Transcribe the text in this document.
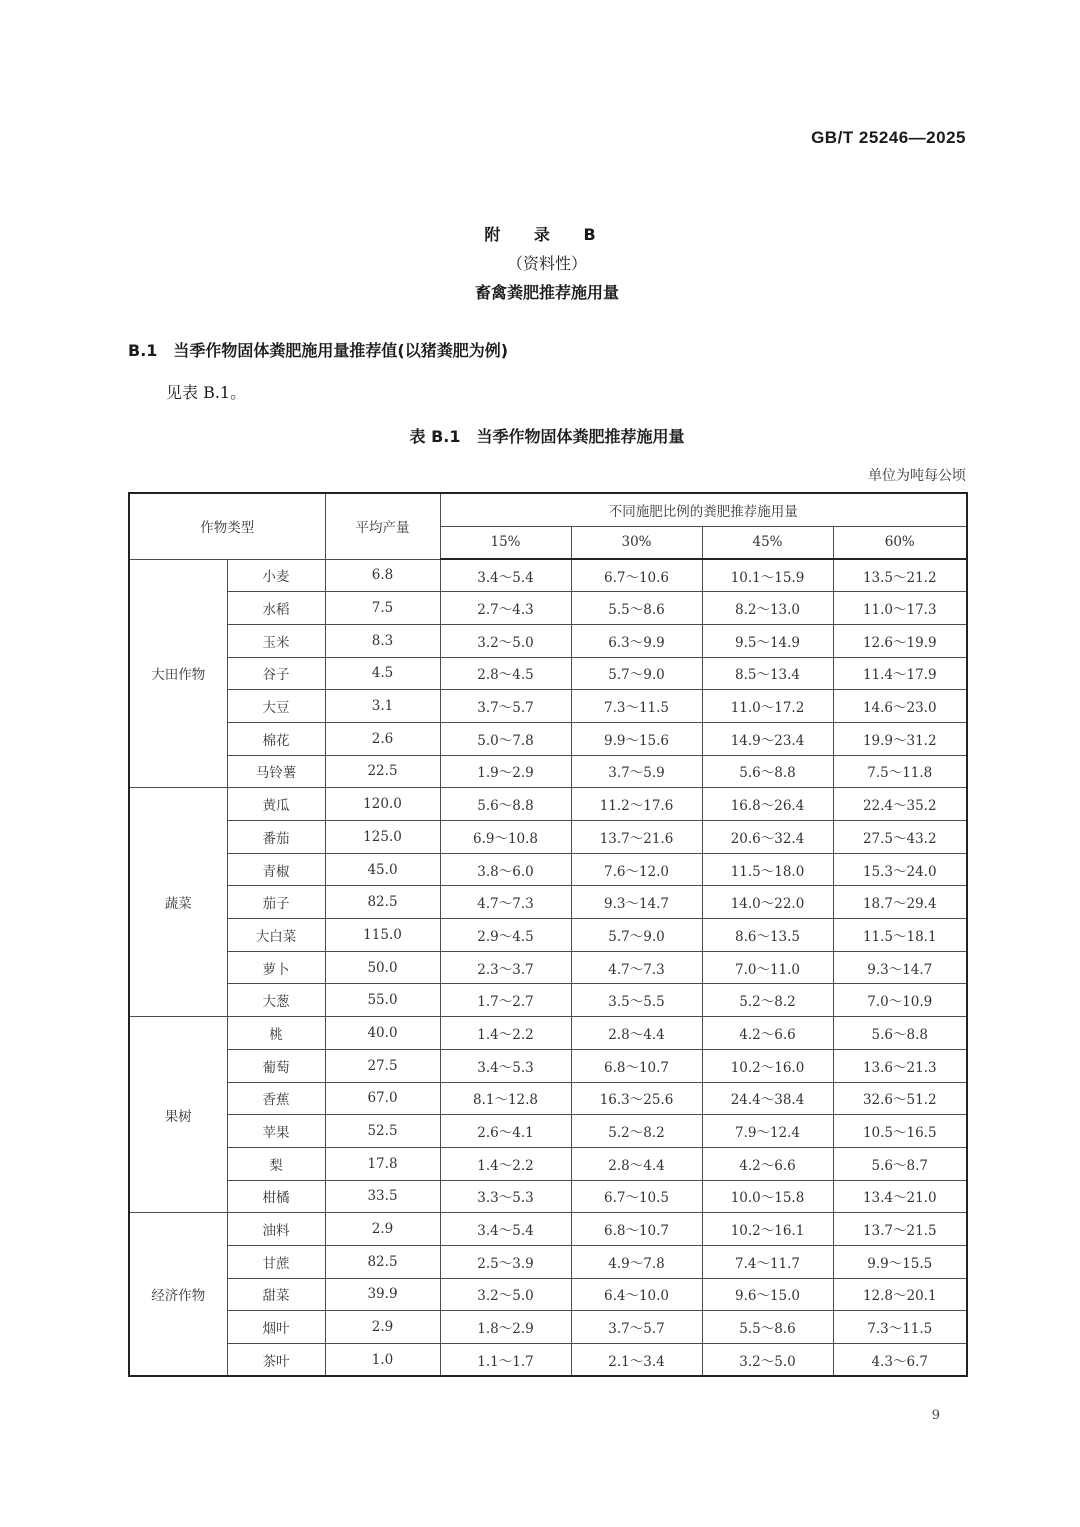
GB/T 25246—2025
附 录 B
（资料性）
畜禽粪肥推荐施用量
B.1 当季作物固体粪肥施用量推荐值(以猪粪肥为例)
见表 B.1。
表 B.1 当季作物固体粪肥推荐施用量
单位为吨每公顷
作物类型		平均产量	不同施肥比例的粪肥推荐施用量			
			15%	30%	45%	60%
大田作物	小麦	6.8	3.4～5.4	6.7～10.6	10.1～15.9	13.5～21.2
	水稻	7.5	2.7～4.3	5.5～8.6	8.2～13.0	11.0～17.3
	玉米	8.3	3.2～5.0	6.3～9.9	9.5～14.9	12.6～19.9
	谷子	4.5	2.8～4.5	5.7～9.0	8.5～13.4	11.4～17.9
	大豆	3.1	3.7～5.7	7.3～11.5	11.0～17.2	14.6～23.0
	棉花	2.6	5.0～7.8	9.9～15.6	14.9～23.4	19.9～31.2
	马铃薯	22.5	1.9～2.9	3.7～5.9	5.6～8.8	7.5～11.8
蔬菜	黄瓜	120.0	5.6～8.8	11.2～17.6	16.8～26.4	22.4～35.2
	番茄	125.0	6.9～10.8	13.7～21.6	20.6～32.4	27.5～43.2
	青椒	45.0	3.8～6.0	7.6～12.0	11.5～18.0	15.3～24.0
	茄子	82.5	4.7～7.3	9.3～14.7	14.0～22.0	18.7～29.4
	大白菜	115.0	2.9～4.5	5.7～9.0	8.6～13.5	11.5～18.1
	萝卜	50.0	2.3～3.7	4.7～7.3	7.0～11.0	9.3～14.7
	大葱	55.0	1.7～2.7	3.5～5.5	5.2～8.2	7.0～10.9
果树	桃	40.0	1.4～2.2	2.8～4.4	4.2～6.6	5.6～8.8
	葡萄	27.5	3.4～5.3	6.8～10.7	10.2～16.0	13.6～21.3
	香蕉	67.0	8.1～12.8	16.3～25.6	24.4～38.4	32.6～51.2
	苹果	52.5	2.6～4.1	5.2～8.2	7.9～12.4	10.5～16.5
	梨	17.8	1.4～2.2	2.8～4.4	4.2～6.6	5.6～8.7
	柑橘	33.5	3.3～5.3	6.7～10.5	10.0～15.8	13.4～21.0
经济作物	油料	2.9	3.4～5.4	6.8～10.7	10.2～16.1	13.7～21.5
	甘蔗	82.5	2.5～3.9	4.9～7.8	7.4～11.7	9.9～15.5
	甜菜	39.9	3.2～5.0	6.4～10.0	9.6～15.0	12.8～20.1
	烟叶	2.9	1.8～2.9	3.7～5.7	5.5～8.6	7.3～11.5
	茶叶	1.0	1.1～1.7	2.1～3.4	3.2～5.0	4.3～6.7
9
